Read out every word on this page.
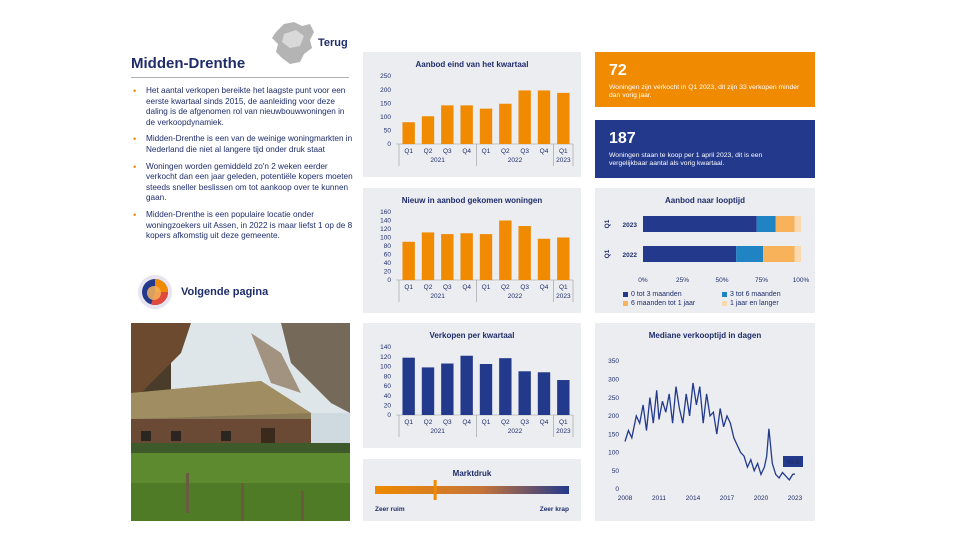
Terug
Midden-Drenthe
• Het aantal verkopen bereikte het laagste punt voor een eerste kwartaal sinds 2015, de aanleiding voor deze daling is de afgenomen rol van nieuwbouwwoningen in de verkoopdynamiek.
• Midden-Drenthe is een van de weinige woningmarkten in Nederland die niet al langere tijd onder druk staat
• Woningen worden gemiddeld zo'n 2 weken eerder verkocht dan een jaar geleden, potentiële kopers moeten steeds sneller beslissen om tot aankoop over te kunnen gaan.
• Midden-Drenthe is een populaire locatie onder woningzoekers uit Assen, in 2022 is maar liefst 1 op de 8 kopers afkomstig uit deze gemeente.
Volgende pagina
Aanbod eind van het kwartaal
0
50
100
150
200
250
Q1 Q2 Q3 Q4 Q1 Q2 Q3 Q4 Q1
2021	2022	2023
Nieuw in aanbod gekomen woningen
0
20
40
60
80
100
120
140
160
Q1 Q2 Q3 Q4 Q1 Q2 Q3 Q4 Q1
2021	2022	2023
Verkopen per kwartaal
0
20
40
60
80
100
120
140
Q1 Q2 Q3 Q4 Q1 Q2 Q3 Q4 Q1
2021	2022	2023
Marktdruk
Zeer ruim	Zeer krap
72
Woningen zijn verkocht in Q1 2023, dit zijn 33 verkopen minder dan vorig jaar.
187
Woningen staan te koop per 1 april 2023, dit is een vergelijkbaar aantal als vorig kwartaal.
Aanbod naar looptijd
2023
Q1
2022
Q1
0%	25%	50%	75%	100%
0 tot 3 maanden	3 tot 6 maanden
6 maanden tot 1 jaar	1 jaar en langer
Mediane verkooptijd in dagen
0
50
100
150
200
250
300
350
2008	2011	2014	2017	2020	2023
40.8
